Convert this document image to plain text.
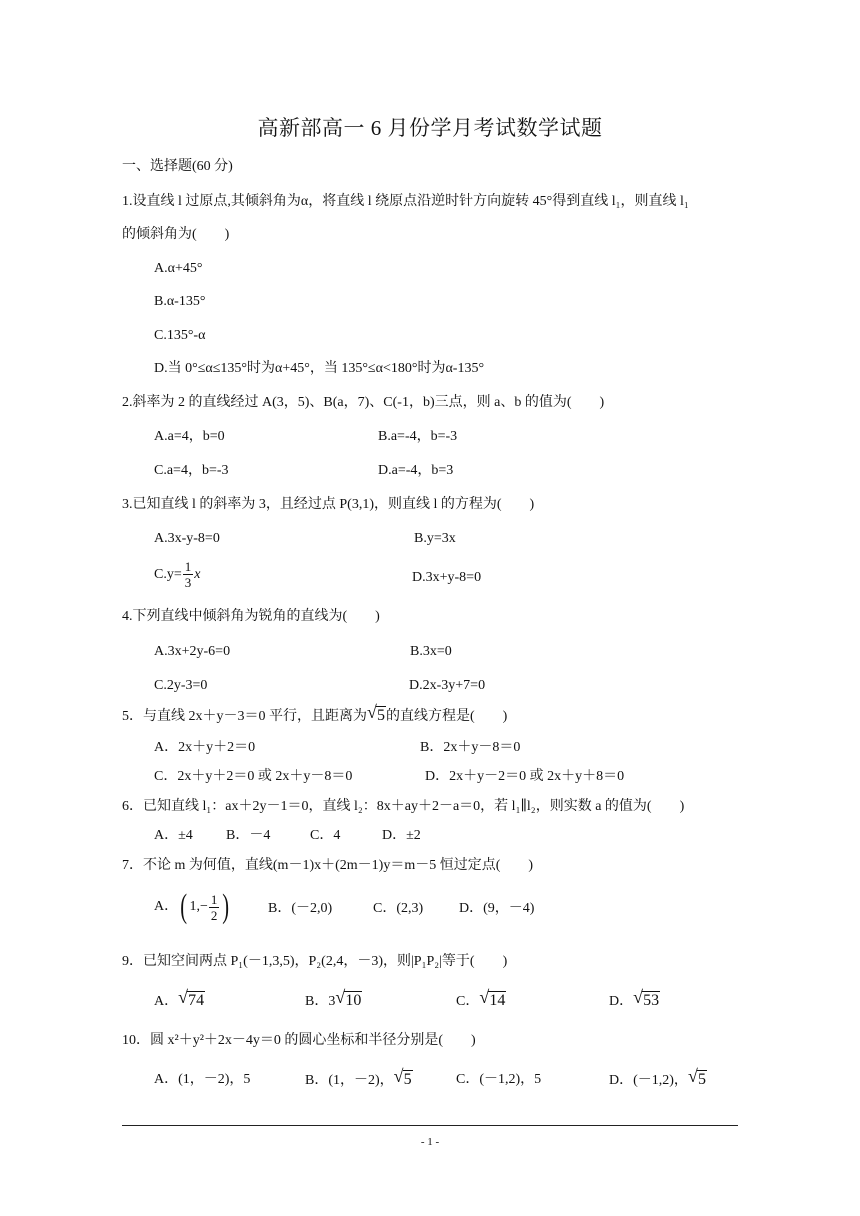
高新部高一 6 月份学月考试数学试题
一、选择题(60 分)
1.设直线 l 过原点,其倾斜角为α，将直线 l 绕原点沿逆时针方向旋转 45°得到直线 l₁，则直线 l₁
的倾斜角为(　　)
A.α+45°
B.α-135°
C.135°-α
D.当 0°≤α≤135°时为α+45°，当 135°≤α<180°时为α-135°
2.斜率为 2 的直线经过 A(3，5)、B(a，7)、C(-1，b)三点，则 a、b 的值为(　　)
A.a=4，b=0	B.a=-4，b=-3
C.a=4，b=-3	D.a=-4，b=3
3.已知直线 l 的斜率为 3，且经过点 P(3,1)，则直线 l 的方程为(　　)
A.3x-y-8=0	B.y=3x
$C.y= \frac{1}{3}$ x	D.3x+y-8=0
4.下列直线中倾斜角为锐角的直线为(　　)
A.3x+2y-6=0	B.3x=0
C.2y-3=0	D.2x-3y+7=0
5．与直线 2x＋y－3＝0 平行，且距离为 √ 5的直线方程是(　　)
A．2x＋y＋2＝0	B．2x＋y－8＝0
C．2x＋y＋2＝0 或 2x＋y－8＝0	D．2x＋y－2＝0 或 2x＋y＋8＝0
6．已知直线 l₁：ax＋2y－1＝0，直线 l₂：8x＋ay＋2－a＝0，若 l₁∥l₂，则实数 a 的值为(　　)
A．±4 B．－4	C．4	D．±2
7．不论 m 为何值，直线(m－1)x＋(2m－1)y＝m－5 恒过定点(　　)
A．( $1,- \frac{1}{2}$ )	B．(－2,0)	C．(2,3)	D．(9，－4)
9．已知空间两点 P₁(－1,3,5)，P₂(2,4，－3)，则|P₁P₂|等于(　　)
A． √ 74	B．3 √ 10	C． √ 14	D． √ 53
10．圆 x²＋y²＋2x－4y＝0 的圆心坐标和半径分别是(　　)
A．(1，－2)，5	B．(1，－2)， √ 5	C．(－1,2)，5	D．(－1,2)， √ 5
- 1 -
